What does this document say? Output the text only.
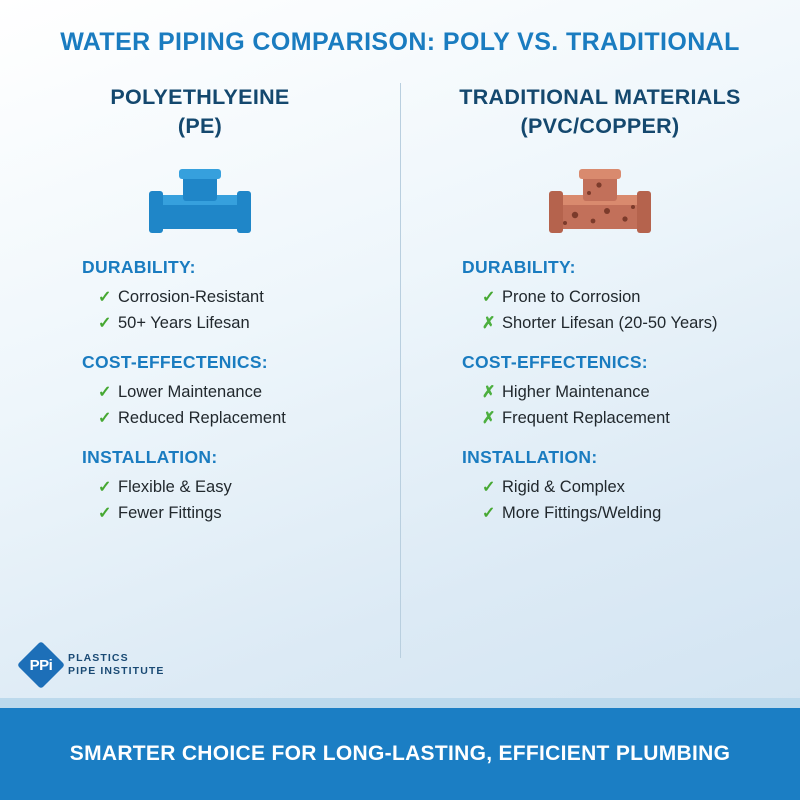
WATER PIPING COMPARISON: POLY VS. TRADITIONAL
POLYETHLYEINE
(PE)
DURABILITY:
✓ Corrosion-Resistant
✓ 50+ Years Lifesan
COST-EFFECTENICS:
✓ Lower Maintenance
✓ Reduced Replacement
INSTALLATION:
✓ Flexible & Easy
✓ Fewer Fittings
TRADITIONAL MATERIALS
(PVC/COPPER)
DURABILITY:
✓ Prone to Corrosion
✗ Shorter Lifesan (20-50 Years)
COST-EFFECTENICS:
✗ Higher Maintenance
✗ Frequent Replacement
INSTALLATION:
✓ Rigid & Complex
✓ More Fittings/Welding
PPi	PLASTICS
PIPE INSTITUTE
SMARTER CHOICE FOR LONG-LASTING, EFFICIENT PLUMBING
